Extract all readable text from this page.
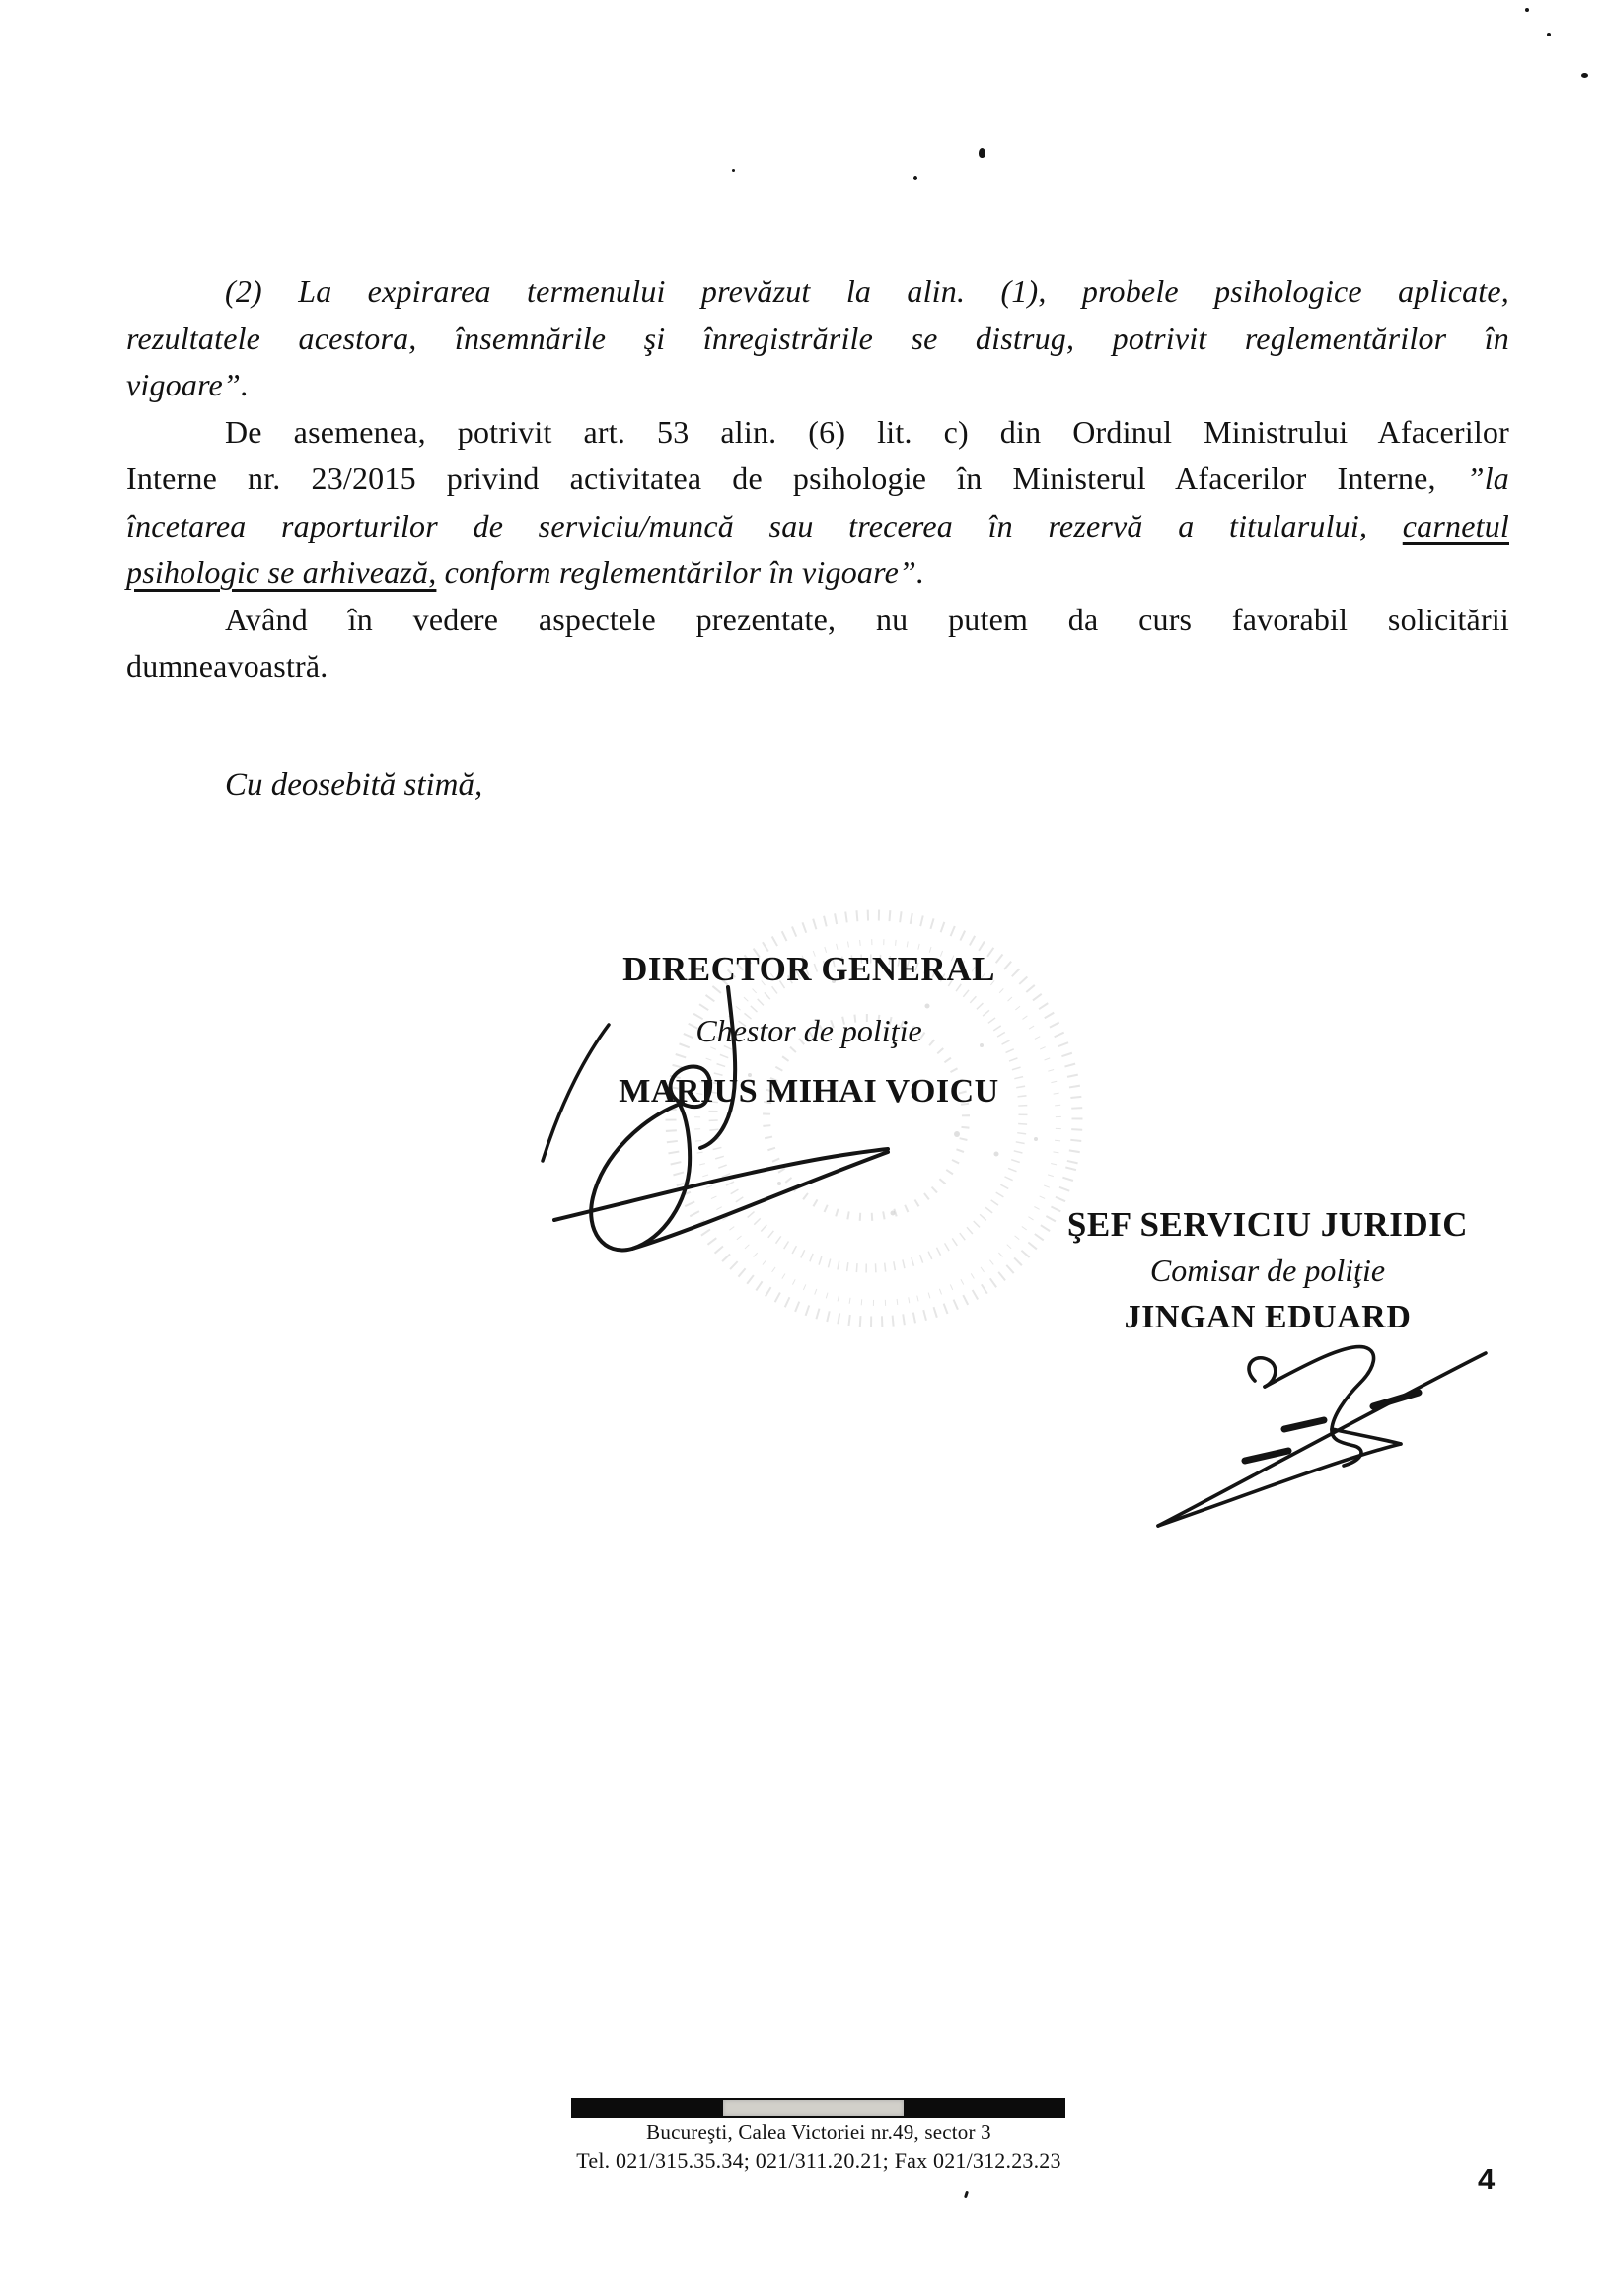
(2) La expirarea termenului prevăzut la alin. (1), probele psihologice aplicate,
rezultatele acestora, însemnările şi înregistrările se distrug, potrivit reglementărilor în
vigoare”.
De asemenea, potrivit art. 53 alin. (6) lit. c) din Ordinul Ministrului Afacerilor
Interne nr. 23/2015 privind activitatea de psihologie în Ministerul Afacerilor Interne, ”la
încetarea raporturilor de serviciu/muncă sau trecerea în rezervă a titularului, carnetul
psihologic se arhivează, conform reglementărilor în vigoare”.
Având în vedere aspectele prezentate, nu putem da curs favorabil solicitării
dumneavoastră.
Cu deosebită stimă,
DIRECTOR GENERAL
Chestor de poliţie
MARIUS MIHAI VOICU
ŞEF SERVICIU JURIDIC
Comisar de poliţie
JINGAN EDUARD
Bucureşti, Calea Victoriei nr.49, sector 3
Tel. 021/315.35.34; 021/311.20.21; Fax 021/312.23.23
4
